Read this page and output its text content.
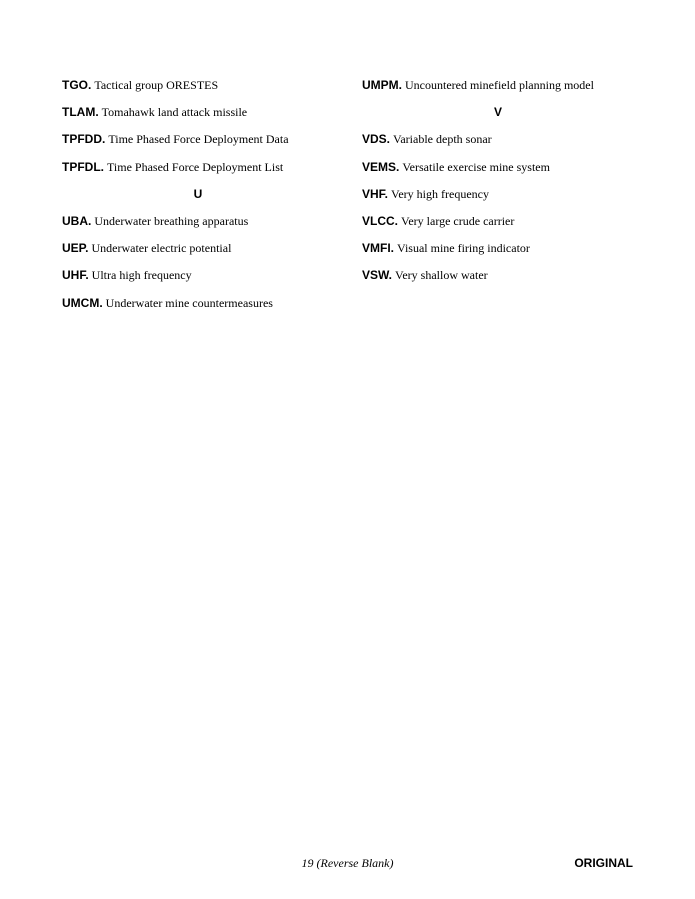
TGO. Tactical group ORESTES
TLAM. Tomahawk land attack missile
TPFDD. Time Phased Force Deployment Data
TPFDL. Time Phased Force Deployment List
U
UBA. Underwater breathing apparatus
UEP. Underwater electric potential
UHF. Ultra high frequency
UMCM. Underwater mine countermeasures
UMPM. Uncountered minefield planning model
V
VDS. Variable depth sonar
VEMS. Versatile exercise mine system
VHF. Very high frequency
VLCC. Very large crude carrier
VMFI. Visual mine firing indicator
VSW. Very shallow water
19 (Reverse Blank)	ORIGINAL
